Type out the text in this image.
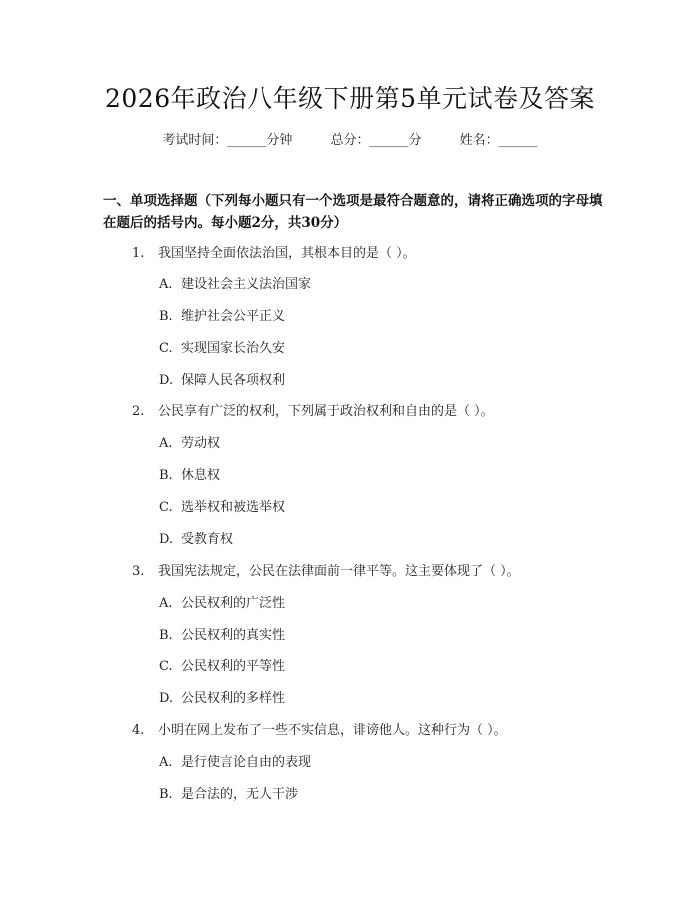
2026年政治八年级下册第5单元试卷及答案
考试时间：______分钟	总分：______分	姓名：______
一、单项选择题（下列每小题只有一个选项是最符合题意的，请将正确选项的字母填在题后的括号内。每小题2分，共30分）
1. 我国坚持全面依法治国，其根本目的是（ ）。
A. 建设社会主义法治国家
B. 维护社会公平正义
C. 实现国家长治久安
D. 保障人民各项权利
2. 公民享有广泛的权利，下列属于政治权利和自由的是（ ）。
A. 劳动权
B. 休息权
C. 选举权和被选举权
D. 受教育权
3. 我国宪法规定，公民在法律面前一律平等。这主要体现了（ ）。
A. 公民权利的广泛性
B. 公民权利的真实性
C. 公民权利的平等性
D. 公民权利的多样性
4. 小明在网上发布了一些不实信息，诽谤他人。这种行为（ ）。
A. 是行使言论自由的表现
B. 是合法的，无人干涉
